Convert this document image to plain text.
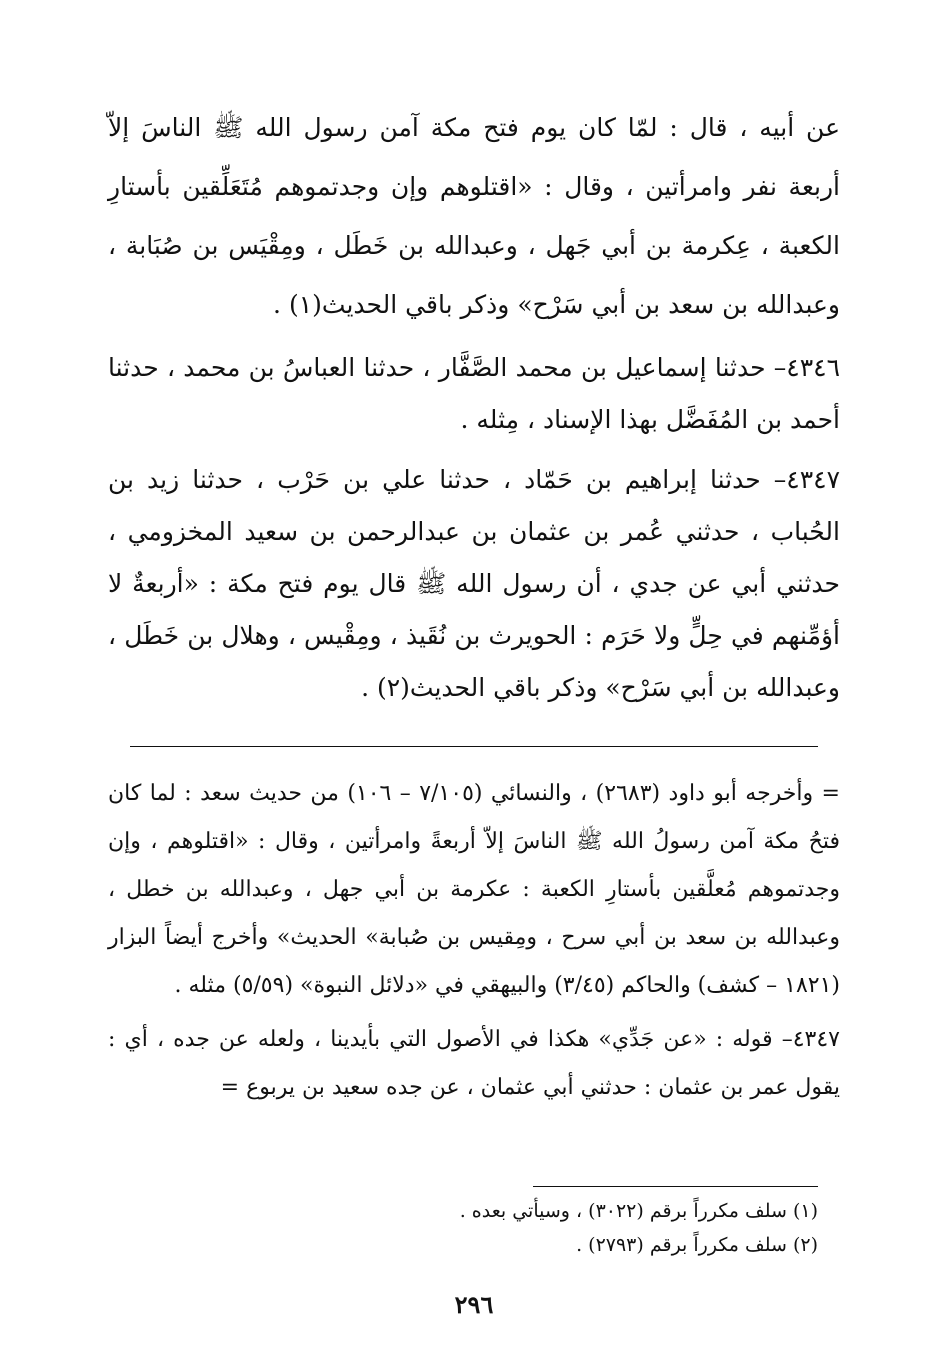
عن أبيه ، قال : لمّا كان يوم فتح مكة آمن رسول الله ﷺ الناسَ إلاّ أربعة نفر وامرأتين ، وقال : «اقتلوهم وإن وجدتموهم مُتَعَلِّقين بأستارِ الكعبة ، عِكرمة بن أبي جَهل ، وعبدالله بن خَطَل ، ومِقْيَس بن صُبَابة ، وعبدالله بن سعد بن أبي سَرْح» وذكر باقي الحديث(١) .

٤٣٤٦– حدثنا إسماعيل بن محمد الصَّفَّار ، حدثنا العباسُ بن محمد ، حدثنا أحمد بن المُفَضَّل بهذا الإسناد ، مِثله .

٤٣٤٧– حدثنا إبراهيم بن حَمّاد ، حدثنا علي بن حَرْب ، حدثنا زيد بن الحُباب ، حدثني عُمر بن عثمان بن عبدالرحمن بن سعيد المخزومي ، حدثني أبي عن جدي ، أن رسول الله ﷺ قال يوم فتح مكة : «أربعةٌ لا أؤمِّنهم في حِلٍّ ولا حَرَم : الحويرث بن نُقَيذ ، ومِقْيس ، وهلال بن خَطَل ، وعبدالله بن أبي سَرْح» وذكر باقي الحديث(٢) .

= وأخرجه أبو داود (٢٦٨٣) ، والنسائي (٧/١٠٥ – ١٠٦) من حديث سعد : لما كان فتحُ مكة آمن رسولُ الله ﷺ الناسَ إلاّ أربعةً وامرأتين ، وقال : «اقتلوهم ، وإن وجدتموهم مُعلَّقين بأستارِ الكعبة : عكرمة بن أبي جهل ، وعبدالله بن خطل ، وعبدالله بن سعد بن أبي سرح ، ومِقيس بن صُبابة» الحديث» وأخرج أيضاً البزار (١٨٢١ – كشف) والحاكم (٣/٤٥) والبيهقي في «دلائل النبوة» (٥/٥٩) مثله .

٤٣٤٧– قوله : «عن جَدِّي» هكذا في الأصول التي بأيدينا ، ولعله عن جده ، أي : يقول عمر بن عثمان : حدثني أبي عثمان ، عن جده سعيد بن يربوع =

(١) سلف مكرراً برقم (٣٠٢٢) ، وسيأتي بعده .

(٢) سلف مكرراً برقم (٢٧٩٣) .

٢٩٦
